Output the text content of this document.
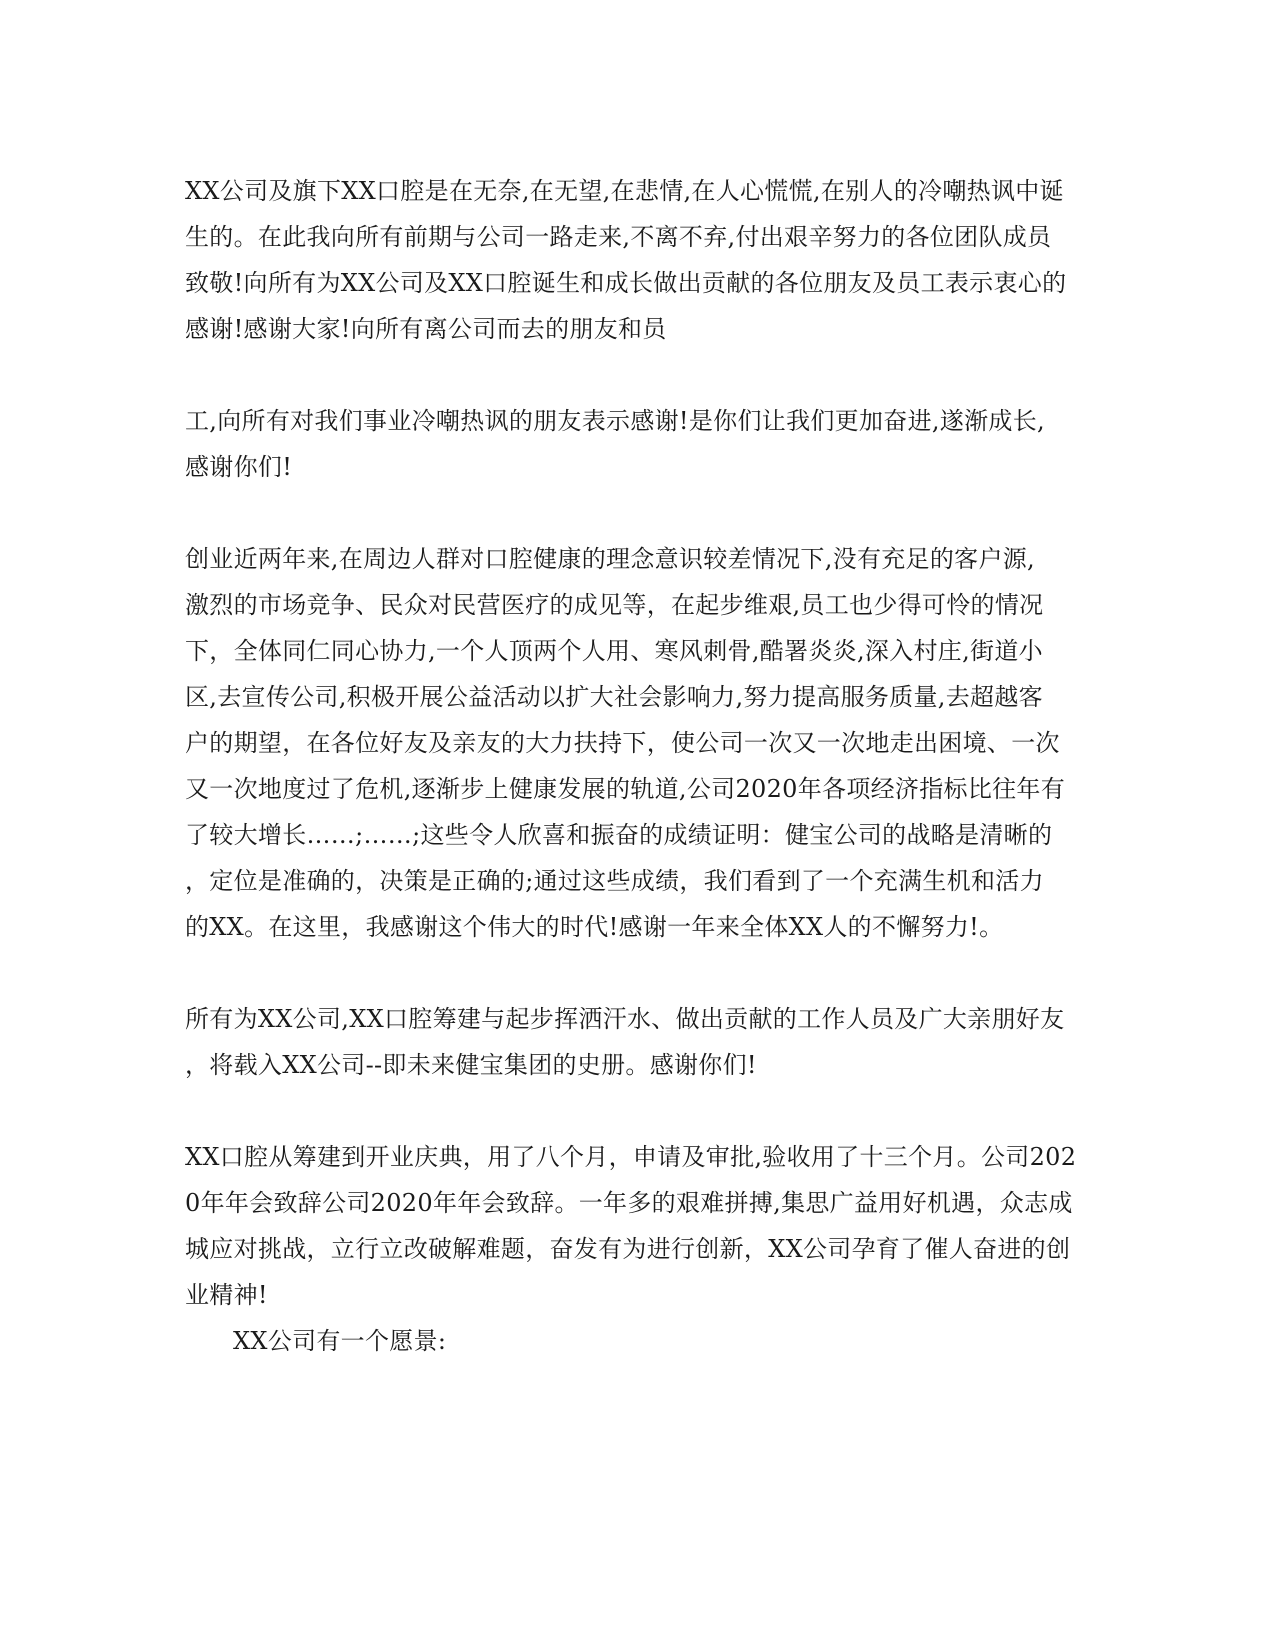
XX公司及旗下XX口腔是在无奈,在无望,在悲情,在人心慌慌,在别人的冷嘲热讽中诞
生的。在此我向所有前期与公司一路走来,不离不弃,付出艰辛努力的各位团队成员
致敬!向所有为XX公司及XX口腔诞生和成长做出贡献的各位朋友及员工表示衷心的
感谢!感谢大家!向所有离公司而去的朋友和员
工,向所有对我们事业冷嘲热讽的朋友表示感谢!是你们让我们更加奋进,遂渐成长,
感谢你们!
创业近两年来,在周边人群对口腔健康的理念意识较差情况下,没有充足的客户源,
激烈的市场竞争、民众对民营医疗的成见等，在起步维艰,员工也少得可怜的情况
下，全体同仁同心协力,一个人顶两个人用、寒风刺骨,酷署炎炎,深入村庄,街道小
区,去宣传公司,积极开展公益活动以扩大社会影响力,努力提高服务质量,去超越客
户的期望，在各位好友及亲友的大力扶持下，使公司一次又一次地走出困境、一次
又一次地度过了危机,逐渐步上健康发展的轨道,公司2020年各项经济指标比往年有
了较大增长……;……;这些令人欣喜和振奋的成绩证明：健宝公司的战略是清晰的
，定位是准确的，决策是正确的;通过这些成绩，我们看到了一个充满生机和活力
的XX。在这里，我感谢这个伟大的时代!感谢一年来全体XX人的不懈努力!。
所有为XX公司,XX口腔筹建与起步挥洒汗水、做出贡献的工作人员及广大亲朋好友
，将载入XX公司--即未来健宝集团的史册。感谢你们!
XX口腔从筹建到开业庆典，用了八个月，申请及审批,验收用了十三个月。公司202
0年年会致辞公司2020年年会致辞。一年多的艰难拼搏,集思广益用好机遇，众志成
城应对挑战，立行立改破解难题，奋发有为进行创新，XX公司孕育了催人奋进的创
业精神!
XX公司有一个愿景:
